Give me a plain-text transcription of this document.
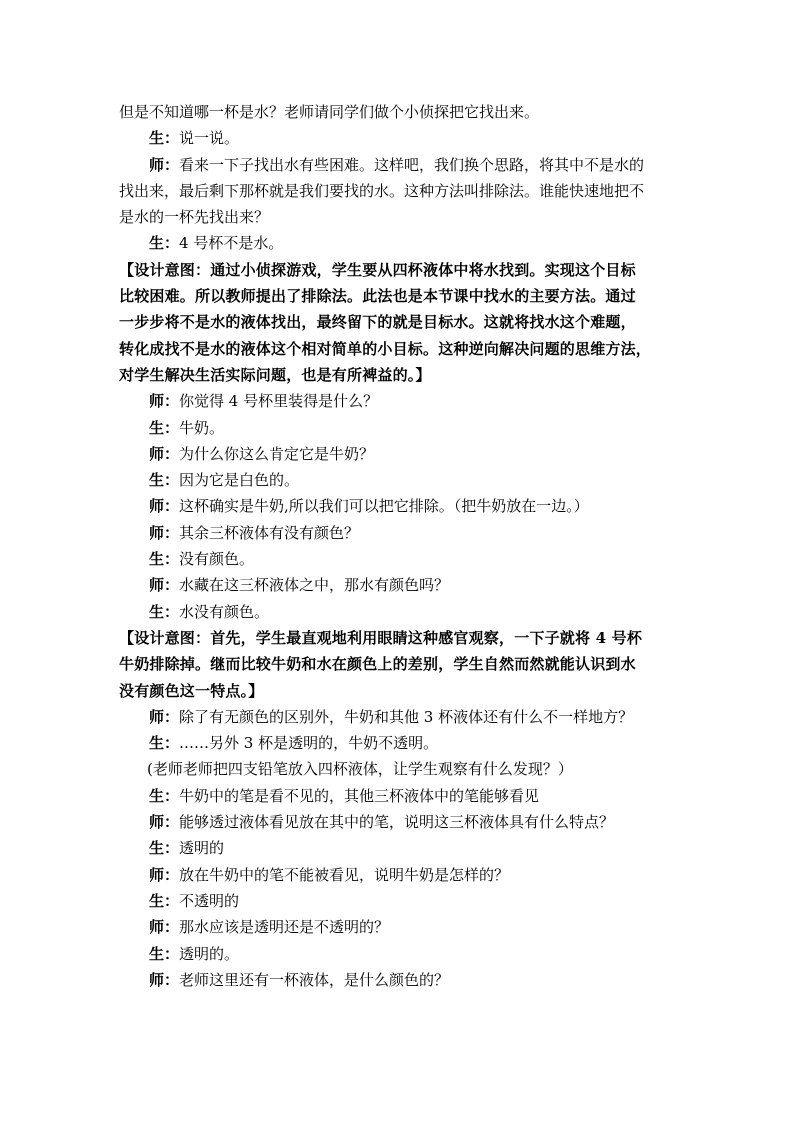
但是不知道哪一杯是水？老师请同学们做个小侦探把它找出来。

生：说一说。

师：看来一下子找出水有些困难。这样吧，我们换个思路，将其中不是水的

找出来，最后剩下那杯就是我们要找的水。这种方法叫排除法。谁能快速地把不

是水的一杯先找出来？

生：4 号杯不是水。

【设计意图：通过小侦探游戏，学生要从四杯液体中将水找到。实现这个目标

比较困难。所以教师提出了排除法。此法也是本节课中找水的主要方法。通过

一步步将不是水的液体找出，最终留下的就是目标水。这就将找水这个难题，

转化成找不是水的液体这个相对简单的小目标。这种逆向解决问题的思维方法，

对学生解决生活实际问题，也是有所裨益的。】

师：你觉得 4 号杯里装得是什么？

生：牛奶。

师：为什么你这么肯定它是牛奶？

生：因为它是白色的。

师：这杯确实是牛奶,所以我们可以把它排除。（把牛奶放在一边。）

师：其余三杯液体有没有颜色？

生：没有颜色。

师：水藏在这三杯液体之中，那水有颜色吗？

生：水没有颜色。

【设计意图：首先，学生最直观地利用眼睛这种感官观察，一下子就将 4 号杯

牛奶排除掉。继而比较牛奶和水在颜色上的差别，学生自然而然就能认识到水

没有颜色这一特点。】

师：除了有无颜色的区别外，牛奶和其他 3 杯液体还有什么不一样地方？

生：……另外 3 杯是透明的，牛奶不透明。

(老师老师把四支铅笔放入四杯液体，让学生观察有什么发现？）

生：牛奶中的笔是看不见的，其他三杯液体中的笔能够看见

师：能够透过液体看见放在其中的笔，说明这三杯液体具有什么特点？

生：透明的

师：放在牛奶中的笔不能被看见，说明牛奶是怎样的？

生：不透明的

师：那水应该是透明还是不透明的？

生：透明的。

师：老师这里还有一杯液体，是什么颜色的？
